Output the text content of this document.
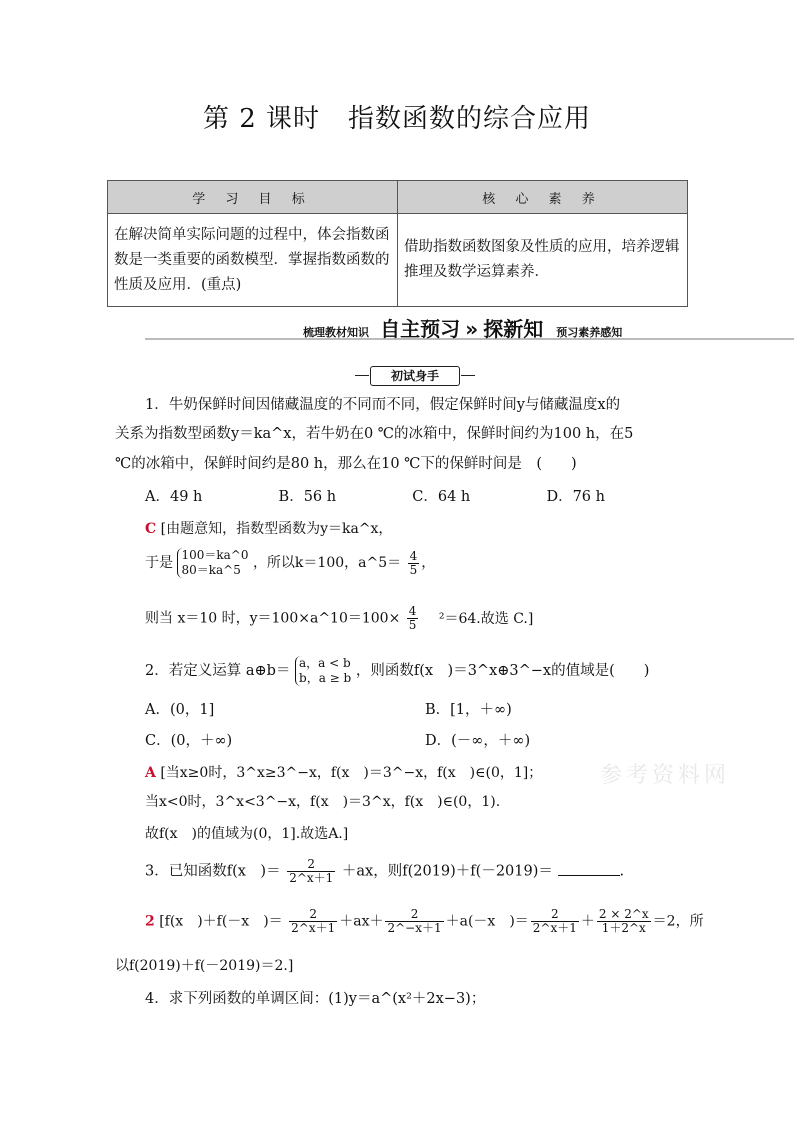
第 2 课时 指数函数的综合应用
学 习 目 标	核 心 素 养
在解决简单实际问题的过程中，体会指数函数是一类重要的函数模型．掌握指数函数的性质及应用．(重点)	借助指数函数图象及性质的应用，培养逻辑推理及数学运算素养．
梳理教材知识 自主预习 » 探新知 预习素养感知
初试身手
1．牛奶保鲜时间因储藏温度的不同而不同，假定保鲜时间y与储藏温度x的
关系为指数型函数y＝ka^x，若牛奶在0 ℃的冰箱中，保鲜时间约为100 h，在5
℃的冰箱中，保鲜时间约是80 h，那么在10 ℃下的保鲜时间是　(　　)
A．49 h	B．56 h	C．64 h	D．76 h
C [由题意知，指数型函数为y＝ka^x，
于是 100＝ka^0
80＝ka^5 ，所以k＝100，a^5＝ $\frac{4}{5}$ ，
则当 x＝10 时，y＝100×a^10＝100× $\frac{4}{5} ^2=64$.故选 C.]
2．若定义运算 a⊕b＝ a，a < b
b，a ≥ b ，则函数f(x　)＝3^x⊕3^−x的值域是(　　)
A．(0，1]	B．[1，＋∞)
C．(0，＋∞)	D．(－∞，＋∞)
A [当x≥0时，3^x≥3^−x，f(x　)＝3^−x，f(x　)∈(0，1]；
当x<0时，3^x<3^−x，f(x　)＝3^x，f(x　)∈(0，1).
故f(x　)的值域为(0，1].故选A.]
3．已知函数f(x　)＝ $\frac{2}{2\^{}x+1} +ax$，则f(2019)＋f(－2019)＝	.
2 [f(x　)＋f(－x　)＝ $\frac{2}{2\^{}x+1} +ax+ \frac{2}{2\^{}-x+1} +a(-x$　)＝ $\frac{2}{2\^{}x+1} + \frac{2 \times 2\^{}x}{1+2\^{}x} =2$，所
以f(2019)＋f(－2019)＝2.]
4．求下列函数的单调区间：(1)y＝a^(x²＋2x−3)；
参考资料网
